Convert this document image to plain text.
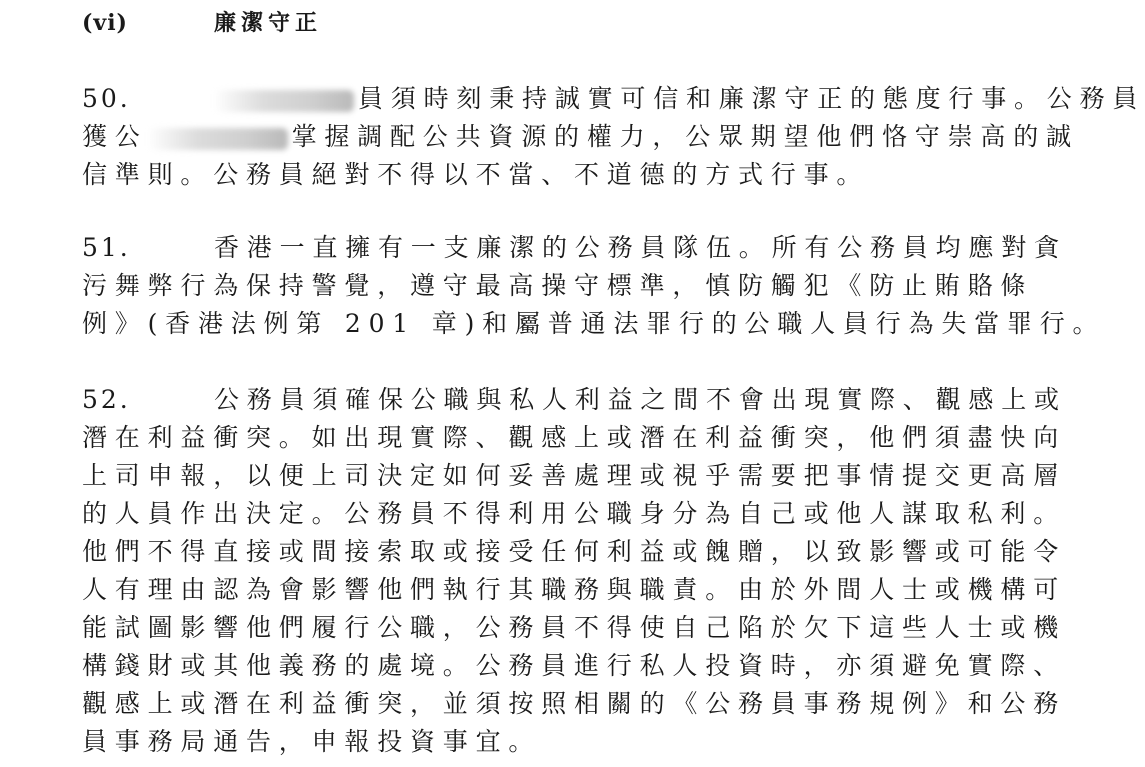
(vi)	廉潔守正
50.	員須時刻秉持誠實可信和廉潔守正的態度行事。公務員
獲公	掌握調配公共資源的權力，公眾期望他們恪守崇高的誠
信準則。公務員絕對不得以不當、不道德的方式行事。
51.	香港一直擁有一支廉潔的公務員隊伍。所有公務員均應對貪
污舞弊行為保持警覺，遵守最高操守標準，慎防觸犯《防止賄賂條
例》(香港法例第 201 章)和屬普通法罪行的公職人員行為失當罪行。
52.	公務員須確保公職與私人利益之間不會出現實際、觀感上或
潛在利益衝突。如出現實際、觀感上或潛在利益衝突，他們須盡快向
上司申報，以便上司決定如何妥善處理或視乎需要把事情提交更高層
的人員作出決定。公務員不得利用公職身分為自己或他人謀取私利。
他們不得直接或間接索取或接受任何利益或餽贈，以致影響或可能令
人有理由認為會影響他們執行其職務與職責。由於外間人士或機構可
能試圖影響他們履行公職，公務員不得使自己陷於欠下這些人士或機
構錢財或其他義務的處境。公務員進行私人投資時，亦須避免實際、
觀感上或潛在利益衝突，並須按照相關的《公務員事務規例》和公務
員事務局通告，申報投資事宜。
